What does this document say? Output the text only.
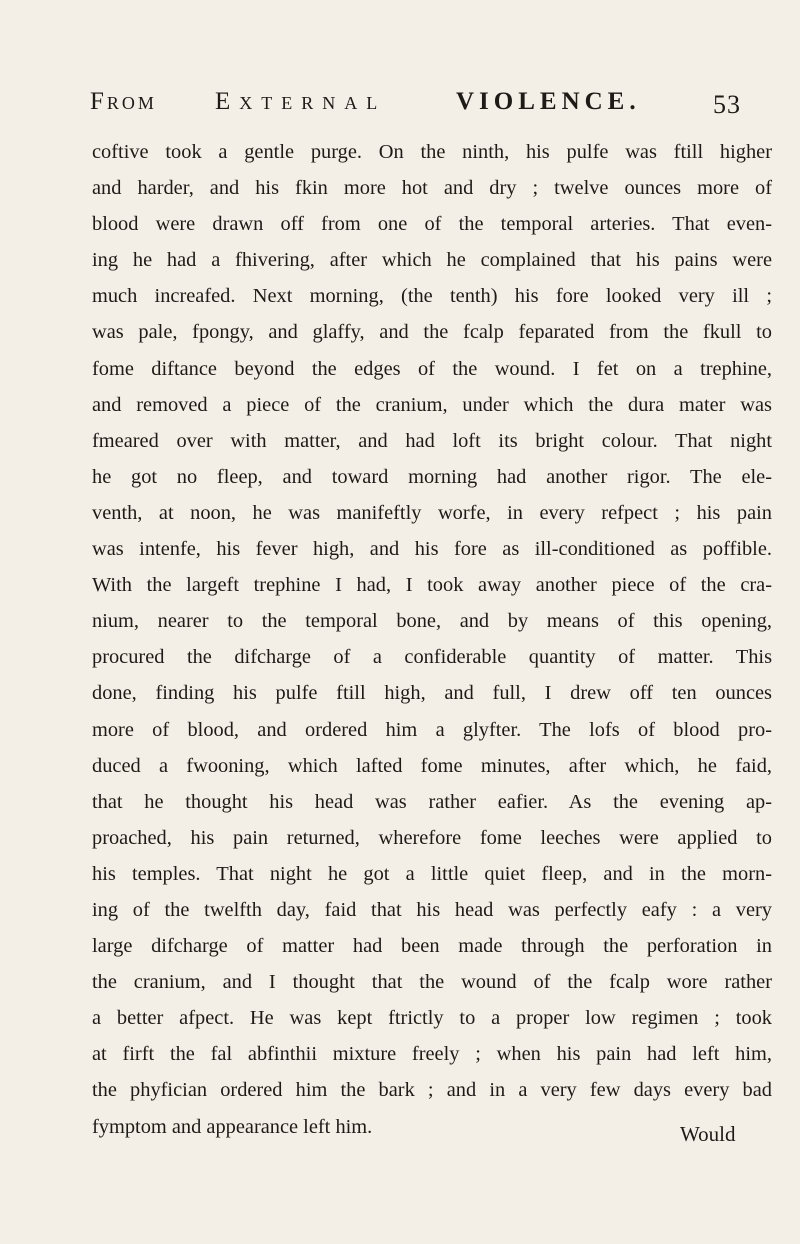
From External	VIOLENCE.	53
coftive took a gentle purge. On the ninth, his pulfe was ftill higher
and harder, and his fkin more hot and dry ; twelve ounces more of
blood were drawn off from one of the temporal arteries. That even-
ing he had a fhivering, after which he complained that his pains were
much increafed. Next morning, (the tenth) his fore looked very ill ;
was pale, fpongy, and glaffy, and the fcalp feparated from the fkull to
fome diftance beyond the edges of the wound. I fet on a trephine,
and removed a piece of the cranium, under which the dura mater was
fmeared over with matter, and had loft its bright colour. That night
he got no fleep, and toward morning had another rigor. The ele-
venth, at noon, he was manifeftly worfe, in every refpect ; his pain
was intenfe, his fever high, and his fore as ill-conditioned as poffible.
With the largeft trephine I had, I took away another piece of the cra-
nium, nearer to the temporal bone, and by means of this opening,
procured the difcharge of a confiderable quantity of matter. This
done, finding his pulfe ftill high, and full, I drew off ten ounces
more of blood, and ordered him a glyfter. The lofs of blood pro-
duced a fwooning, which lafted fome minutes, after which, he faid,
that he thought his head was rather eafier. As the evening ap-
proached, his pain returned, wherefore fome leeches were applied to
his temples. That night he got a little quiet fleep, and in the morn-
ing of the twelfth day, faid that his head was perfectly eafy : a very
large difcharge of matter had been made through the perforation in
the cranium, and I thought that the wound of the fcalp wore rather
a better afpect. He was kept ftrictly to a proper low regimen ; took
at firft the fal abfinthii mixture freely ; when his pain had left him,
the phyfician ordered him the bark ; and in a very few days every bad
fymptom and appearance left him.	Would
